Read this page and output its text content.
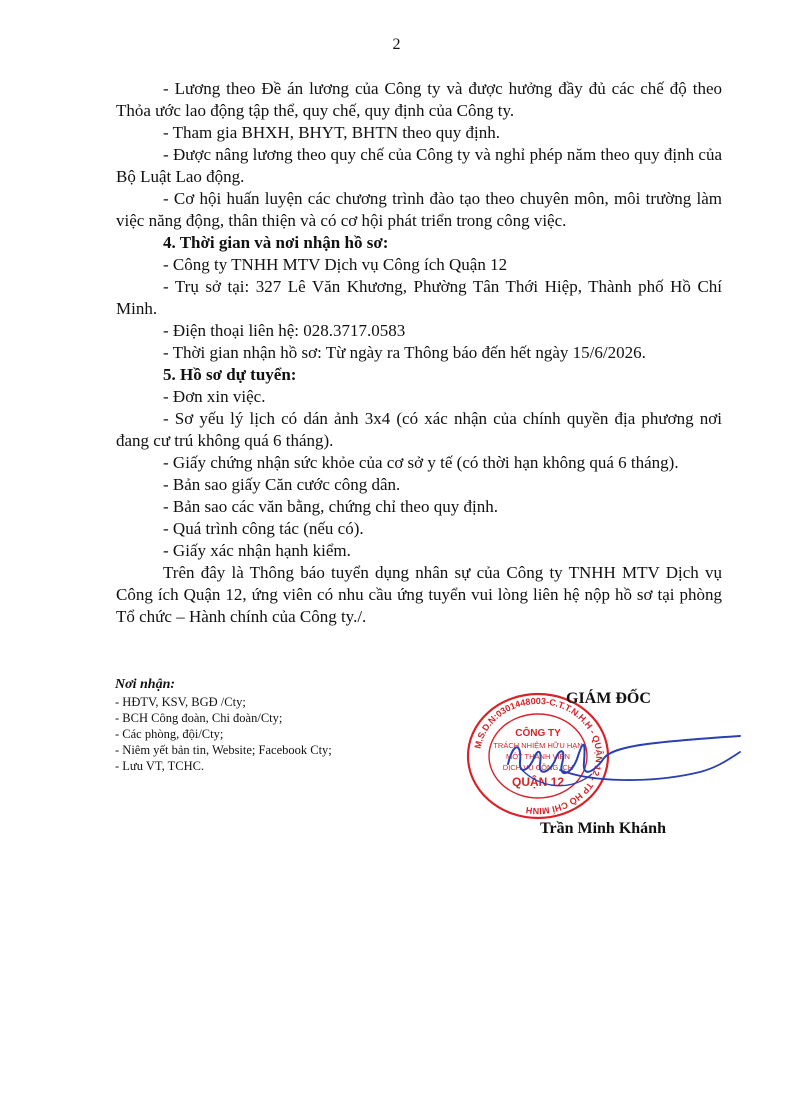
2

- Lương theo Đề án lương của Công ty và được hưởng đầy đủ các chế độ theo Thỏa ước lao động tập thể, quy chế, quy định của Công ty.

- Tham gia BHXH, BHYT, BHTN theo quy định.

- Được nâng lương theo quy chế của Công ty và nghỉ phép năm theo quy định của Bộ Luật Lao động.

- Cơ hội huấn luyện các chương trình đào tạo theo chuyên môn, môi trường làm việc năng động, thân thiện và có cơ hội phát triển trong công việc.

4. Thời gian và nơi nhận hồ sơ:

- Công ty TNHH MTV Dịch vụ Công ích Quận 12

- Trụ sở tại: 327 Lê Văn Khương, Phường Tân Thới Hiệp, Thành phố Hồ Chí Minh.

- Điện thoại liên hệ: 028.3717.0583

- Thời gian nhận hồ sơ: Từ ngày ra Thông báo đến hết ngày 15/6/2026.

5. Hồ sơ dự tuyển:

- Đơn xin việc.

- Sơ yếu lý lịch có dán ảnh 3x4 (có xác nhận của chính quyền địa phương nơi đang cư trú không quá 6 tháng).

- Giấy chứng nhận sức khỏe của cơ sở y tế (có thời hạn không quá 6 tháng).

- Bản sao giấy Căn cước công dân.

- Bản sao các văn bằng, chứng chỉ theo quy định.

- Quá trình công tác (nếu có).

- Giấy xác nhận hạnh kiểm.

Trên đây là Thông báo tuyển dụng nhân sự của Công ty TNHH MTV Dịch vụ Công ích Quận 12, ứng viên có nhu cầu ứng tuyển vui lòng liên hệ nộp hồ sơ tại phòng Tổ chức – Hành chính của Công ty./.

Nơi nhận:
- HĐTV, KSV, BGĐ /Cty;
- BCH Công đoàn, Chi đoàn/Cty;
- Các phòng, đội/Cty;
- Niêm yết bản tin, Website; Facebook Cty;
- Lưu VT, TCHC.
M.S.D.N:0301448003-C.T.T.N.H.H - QUẬN 12 - TP HỒ CHÍ MINH
CÔNG TY
TRÁCH NHIỆM HỮU HẠN
MỘT THÀNH VIÊN
DỊCH VỤ CÔNG ÍCH
QUẬN 12
GIÁM ĐỐC
Trần Minh Khánh
